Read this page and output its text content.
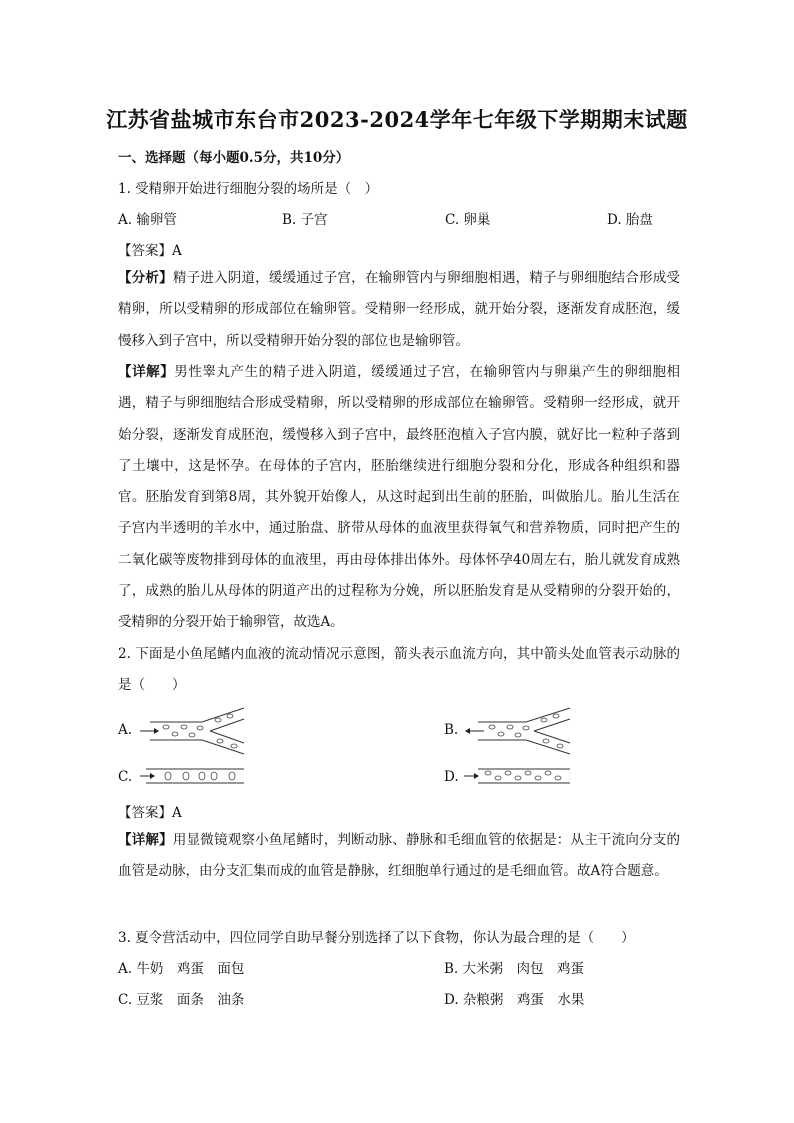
江苏省盐城市东台市2023-2024学年七年级下学期期末试题
一、选择题（每小题0.5分，共10分）
1. 受精卵开始进行细胞分裂的场所是（　）
A. 输卵管	B. 子宫	C. 卵巢	D. 胎盘
【答案】A
【分析】精子进入阴道，缓缓通过子宫，在输卵管内与卵细胞相遇，精子与卵细胞结合形成受精卵，所以受精卵的形成部位在输卵管。受精卵一经形成，就开始分裂，逐渐发育成胚泡，缓慢移入到子宫中，所以受精卵开始分裂的部位也是输卵管。
【详解】男性睾丸产生的精子进入阴道，缓缓通过子宫，在输卵管内与卵巢产生的卵细胞相遇，精子与卵细胞结合形成受精卵，所以受精卵的形成部位在输卵管。受精卵一经形成，就开始分裂，逐渐发育成胚泡，缓慢移入到子宫中，最终胚泡植入子宫内膜，就好比一粒种子落到了土壤中，这是怀孕。在母体的子宫内，胚胎继续进行细胞分裂和分化，形成各种组织和器官。胚胎发育到第8周，其外貌开始像人，从这时起到出生前的胚胎，叫做胎儿。胎儿生活在子宫内半透明的羊水中，通过胎盘、脐带从母体的血液里获得氧气和营养物质，同时把产生的二氧化碳等废物排到母体的血液里，再由母体排出体外。母体怀孕40周左右，胎儿就发育成熟了，成熟的胎儿从母体的阴道产出的过程称为分娩，所以胚胎发育是从受精卵的分裂开始的，受精卵的分裂开始于输卵管，故选A。
2. 下面是小鱼尾鳍内血液的流动情况示意图，箭头表示血流方向，其中箭头处血管表示动脉的是（　　）
A.	B.
C.	D.
【答案】A
【详解】用显微镜观察小鱼尾鳍时，判断动脉、静脉和毛细血管的依据是：从主干流向分支的血管是动脉，由分支汇集而成的血管是静脉，红细胞单行通过的是毛细血管。故A符合题意。
3. 夏令营活动中，四位同学自助早餐分别选择了以下食物，你认为最合理的是（　　）
A. 牛奶　鸡蛋　面包	B. 大米粥　肉包　鸡蛋
C. 豆浆　面条　油条	D. 杂粮粥　鸡蛋　水果
